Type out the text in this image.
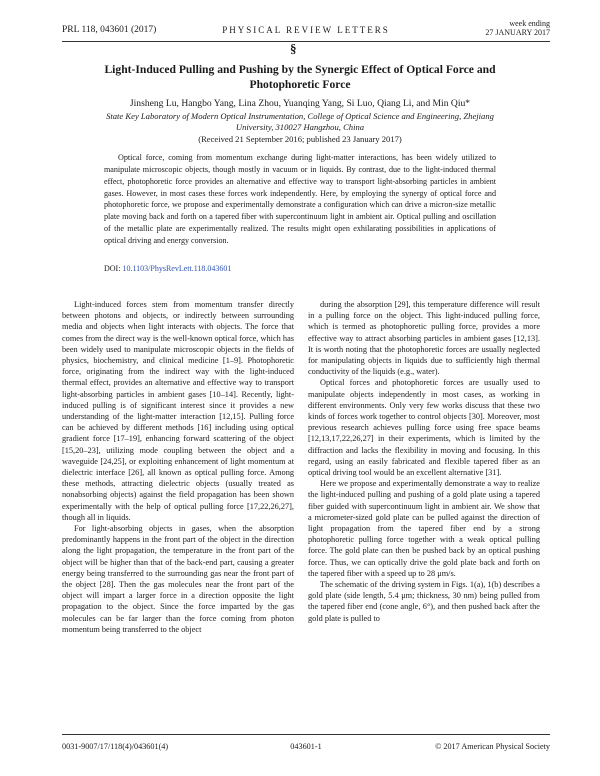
PRL 118, 043601 (2017)	PHYSICAL REVIEW LETTERS
week ending
27 JANUARY 2017
§
Light-Induced Pulling and Pushing by the Synergic Effect of Optical Force and Photophoretic Force
Jinsheng Lu, Hangbo Yang, Lina Zhou, Yuanqing Yang, Si Luo, Qiang Li, and Min Qiu*
State Key Laboratory of Modern Optical Instrumentation, College of Optical Science and Engineering, Zhejiang University, 310027 Hangzhou, China
(Received 21 September 2016; published 23 January 2017)
Optical force, coming from momentum exchange during light-matter interactions, has been widely utilized to manipulate microscopic objects, though mostly in vacuum or in liquids. By contrast, due to the light-induced thermal effect, photophoretic force provides an alternative and effective way to transport light-absorbing particles in ambient gases. However, in most cases these forces work independently. Here, by employing the synergy of optical force and photophoretic force, we propose and experimentally demonstrate a configuration which can drive a micron-size metallic plate moving back and forth on a tapered fiber with supercontinuum light in ambient air. Optical pulling and oscillation of the metallic plate are experimentally realized. The results might open exhilarating possibilities in applications of optical driving and energy conversion.
DOI: 10.1103/PhysRevLett.118.043601

Light-induced forces stem from momentum transfer directly between photons and objects, or indirectly between surrounding media and objects when light interacts with objects. The force that comes from the direct way is the well-known optical force, which has been widely used to manipulate microscopic objects in the fields of physics, biochemistry, and clinical medicine [1–9]. Photophoretic force, originating from the indirect way with the light-induced thermal effect, provides an alternative and effective way to transport light-absorbing particles in ambient gases [10–14]. Recently, light-induced pulling is of significant interest since it provides a new understanding of the light-matter interaction [12,15]. Pulling force can be achieved by different methods [16] including using optical gradient force [17–19], enhancing forward scattering of the object [15,20–23], utilizing mode coupling between the object and a waveguide [24,25], or exploiting enhancement of light momentum at dielectric interface [26], all known as optical pulling force. Among these methods, attracting dielectric objects (usually treated as nonabsorbing objects) against the field propagation has been shown experimentally with the help of optical pulling force [17,22,26,27], though all in liquids.

For light-absorbing objects in gases, when the absorption predominantly happens in the front part of the object in the direction along the light propagation, the temperature in the front part of the object will be higher than that of the back-end part, causing a greater energy being transferred to the surrounding gas near the front part of the object [28]. Then the gas molecules near the front part of the object will impart a larger force in a direction opposite the light propagation to the object. Since the force imparted by the gas molecules can be far larger than the force coming from photon momentum being transferred to the object

during the absorption [29], this temperature difference will result in a pulling force on the object. This light-induced pulling force, which is termed as photophoretic pulling force, provides a more effective way to attract absorbing particles in ambient gases [12,13]. It is worth noting that the photophoretic forces are usually neglected for manipulating objects in liquids due to sufficiently high thermal conductivity of the liquids (e.g., water).

Optical forces and photophoretic forces are usually used to manipulate objects independently in most cases, as working in different environments. Only very few works discuss that these two kinds of forces work together to control objects [30]. Moreover, most previous research achieves pulling force using free space beams [12,13,17,22,26,27] in their experiments, which is limited by the diffraction and lacks the flexibility in moving and focusing. In this regard, using an easily fabricated and flexible tapered fiber as an optical driving tool would be an excellent alternative [31].

Here we propose and experimentally demonstrate a way to realize the light-induced pulling and pushing of a gold plate using a tapered fiber guided with supercontinuum light in ambient air. We show that a micrometer-sized gold plate can be pulled against the direction of light propagation from the tapered fiber end by a strong photophoretic pulling force together with a weak optical pulling force. The gold plate can then be pushed back by an optical pushing force. Thus, we can optically drive the gold plate back and forth on the tapered fiber with a speed up to 28 μm/s.

The schematic of the driving system in Figs. 1(a), 1(b) describes a gold plate (side length, 5.4 μm; thickness, 30 nm) being pulled from the tapered fiber end (cone angle, 6°), and then pushed back after the gold plate is pulled to

0031-9007/17/118(4)/043601(4)	043601-1	© 2017 American Physical Society
